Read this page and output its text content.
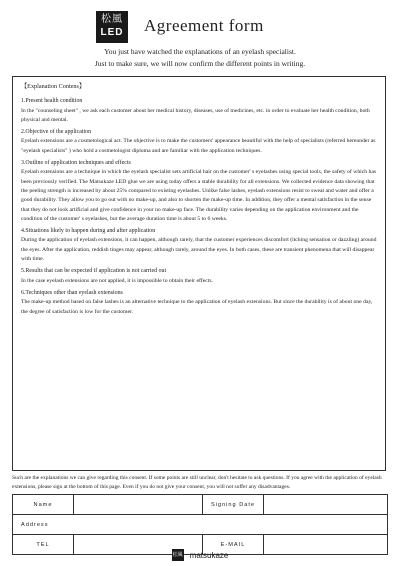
松風
LED Agreement form
You just have watched the explanations of an eyelash specialist.
Just to make sure, we will now confirm the different points in writing.
【Explanation Contens】
1.Present health condition

In the "counseling sheet" , we ask each customer about her medical history, diseases, use of medicines, etc. in order to evaluate her health condition, both physical and mental.

2.Objective of the application

Eyelash extensions are a cosmetological act. The objective is to make the customers' appearance beautiful with the help of specialists (referred hereunder as "eyelash specialists" ) who hold a cosmetologist diploma and are familiar with the application techniques.

3.Outline of application techniques and effects

Eyelash extensions are a technique in which the eyelash specialist sets artificial hair on the customer' s eyelashes using special tools, the safety of which has been previously verified. The Matsukaze LED glue we are using today offers a stable durability for all extensions. We collected evidence data showing that the peeling strength is increased by about 25% compared to existing eyelashes. Unlike false lashes, eyelash extensions resist to sweat and water and offer a good durability. They allow you to go out with no make-up, and also to shorten the make-up time. In addition, they offer a mental satisfaction in the sense that they do not look artificial and give confidence in your no make-up face. The durability varies depending on the application environment and the condition of the customer' s eyelashes, but the average duration time is about 5 to 6 weeks.

4.Situations likely to happen during and after application

During the application of eyelash extensions, it can happen, although rarely, that the customer experiences discomfort (itching sensation or dazzling) around the eyes. After the application, reddish tinges may appear, although rarely, around the eyes. In both cases, these are transient phenomena that will disappear with time.

5.Results that can be expected if application is not carried out

In the case eyelash extensions are not applied, it is impossible to obtain their effects.

6.Techniques other than eyelash extensions

The make-up method based on false lashes is an alternative technique to the application of eyelash extensions. But since the durability is of about one day, the degree of satisfaction is low for the customer.

Such are the explanations we can give regarding this consent. If some points are still unclear, don't hesitate to ask questions. If you agree with the application of eyelash extensions, please sign at the bottom of this page. Even if you do not give your consent, you will not suffer any disadvantages.

Name		Signing Date	
Address			
TEL		E-MAIL	
松風 matsukaze
